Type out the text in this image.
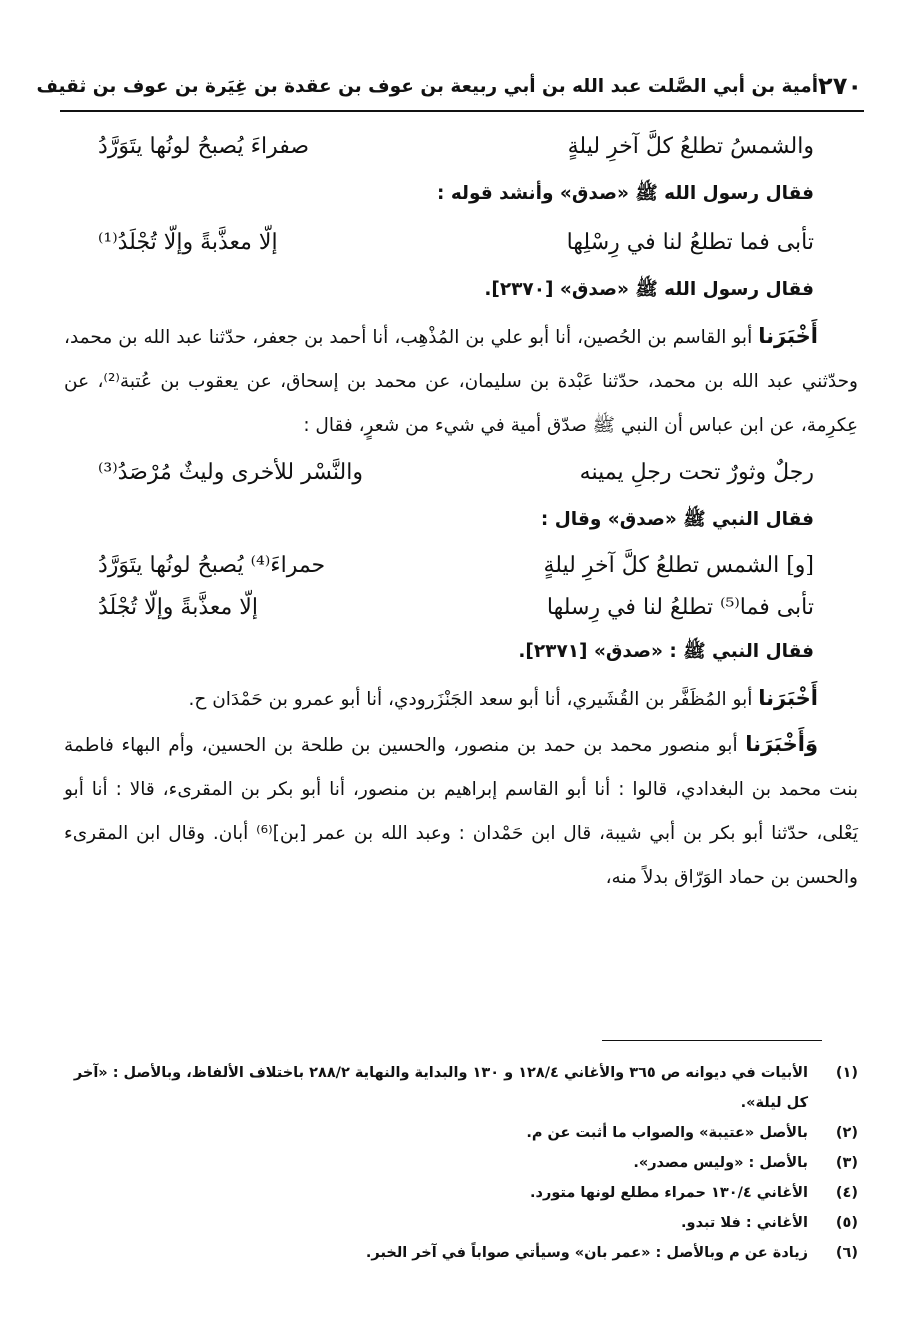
٢٧٠
أمية بن أبي الصَّلت عبد الله بن أبي ربيعة بن عوف بن عقدة بن غِيَرة بن عوف بن ثقيف
والشمسُ تطلعُ كلَّ آخرِ ليلةٍ
صفراءَ يُصبحُ لونُها يتَوَرَّدُ
فقال رسول الله ﷺ «صدق» وأنشد قوله :
تأبى فما تطلعُ لنا في رِسْلِها
إلّا معذَّبةً وإلّا تُجْلَدُ⁽¹⁾
فقال رسول الله ﷺ «صدق» [٢٣٧٠].

أَخْبَرَنا أبو القاسم بن الحُصين، أنا أبو علي بن المُذْهِب، أنا أحمد بن جعفر، حدّثنا عبد الله بن محمد، وحدّثني عبد الله بن محمد، حدّثنا عَبْدة بن سليمان، عن محمد بن إسحاق، عن يعقوب بن عُتبة⁽²⁾، عن عِكرِمة، عن ابن عباس أن النبي ﷺ صدّق أمية في شيء من شعرٍ، فقال :

رجلٌ وثورٌ تحت رجلِ يمينه
والنَّسْر للأخرى وليثٌ مُرْصَدُ⁽³⁾
فقال النبي ﷺ «صدق» وقال :
[و] الشمس تطلعُ كلَّ آخرِ ليلةٍ
حمراءَ⁽⁴⁾ يُصبحُ لونُها يتَوَرَّدُ
تأبى فما⁽⁵⁾ تطلعُ لنا في رِسلها
إلّا معذَّبةً وإلّا تُجْلَدُ
فقال النبي ﷺ : «صدق» [٢٣٧١].

أَخْبَرَنا أبو المُظَفَّر بن القُشَيري، أنا أبو سعد الجَنْزَرودي، أنا أبو عمرو بن حَمْدَان ح.

وَأَخْبَرَنا أبو منصور محمد بن حمد بن منصور، والحسين بن طلحة بن الحسين، وأم البهاء فاطمة بنت محمد بن البغدادي، قالوا : أنا أبو القاسم إبراهيم بن منصور، أنا أبو بكر بن المقرىء، قالا : أنا أبو يَعْلى، حدّثنا أبو بكر بن أبي شيبة، قال ابن حَمْدان : وعبد الله بن عمر [بن]⁽⁶⁾ أبان. وقال ابن المقرىء والحسن بن حماد الوَرّاق بدلاً منه،

(١)
الأبيات في ديوانه ص ٣٦٥ والأغاني ١٢٨/٤ و ١٣٠ والبداية والنهاية ٢٨٨/٢ باختلاف الألفاظ، وبالأصل : «آخر كل ليلة».
(٢)
بالأصل «عتيبة» والصواب ما أثبت عن م.
(٣)
بالأصل : «وليس مصدر».
(٤)
الأغاني ١٣٠/٤ حمراء مطلع لونها متورد.
(٥)
الأغاني : فلا تبدو.
(٦)
زيادة عن م وبالأصل : «عمر بان» وسيأتي صواباً في آخر الخبر.
